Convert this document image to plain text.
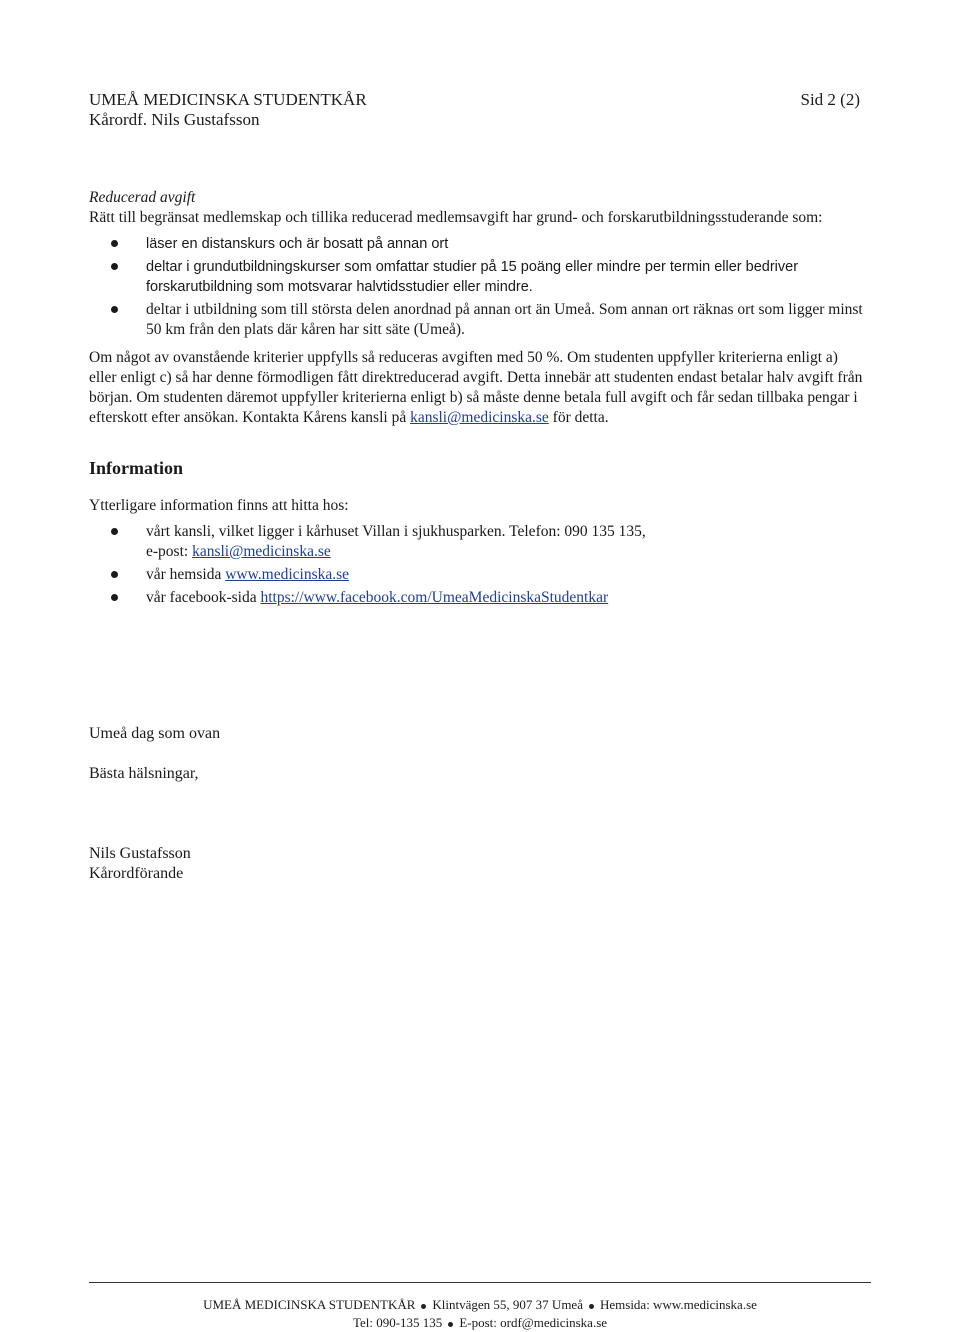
UMEÅ MEDICINSKA STUDENTKÅR
Kårordf. Nils Gustafsson
Sid 2 (2)

Reducerad avgift

Rätt till begränsat medlemskap och tillika reducerad medlemsavgift har grund- och forskarutbildningsstuderande som:

läser en distanskurs och är bosatt på annan ort
deltar i grundutbildningskurser som omfattar studier på 15 poäng eller mindre per termin eller bedriver forskarutbildning som motsvarar halvtidsstudier eller mindre.
deltar i utbildning som till största delen anordnad på annan ort än Umeå. Som annan ort räknas ort som ligger minst 50 km från den plats där kåren har sitt säte (Umeå).

Om något av ovanstående kriterier uppfylls så reduceras avgiften med 50 %. Om studenten uppfyller kriterierna enligt a) eller enligt c) så har denne förmodligen fått direktreducerad avgift. Detta innebär att studenten endast betalar halv avgift från början. Om studenten däremot uppfyller kriterierna enligt b) så måste denne betala full avgift och får sedan tillbaka pengar i efterskott efter ansökan. Kontakta Kårens kansli på kansli@medicinska.se för detta.

Information

Ytterligare information finns att hitta hos:

vårt kansli, vilket ligger i kårhuset Villan i sjukhusparken. Telefon: 090 135 135,
e-post: kansli@medicinska.se
vår hemsida www.medicinska.se
vår facebook-sida https://www.facebook.com/UmeaMedicinskaStudentkar

Umeå dag som ovan

Bästa hälsningar,

Nils Gustafsson

Kårordförande

UMEÅ MEDICINSKA STUDENTKÅR Klintvägen 55, 907 37 Umeå Hemsida: www.medicinska.se
Tel: 090-135 135 E-post: ordf@medicinska.se
